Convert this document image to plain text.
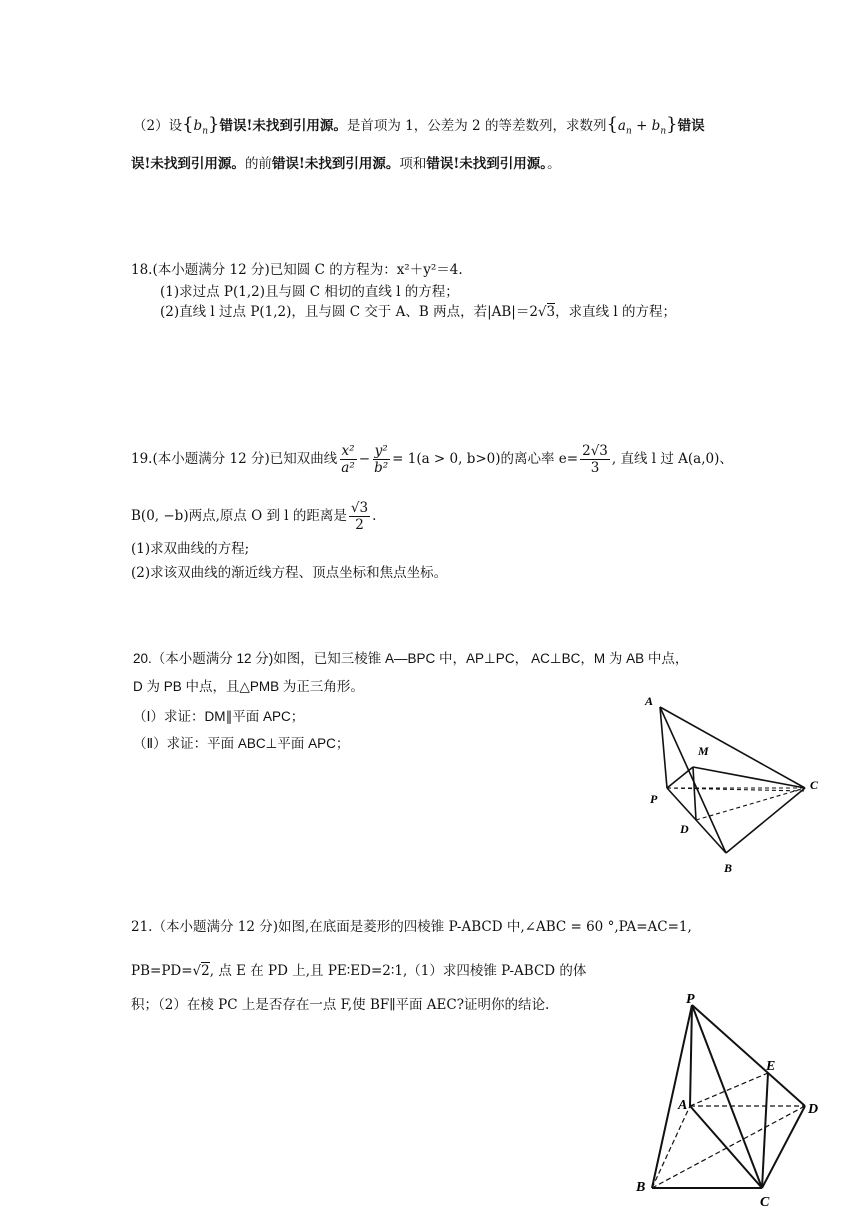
（2）设$\{b_n\}$错误!未找到引用源。是首项为 1，公差为 2 的等差数列，求数列$\{a_n + b_n\}$错误
误!未找到引用源。的前错误!未找到引用源。项和错误!未找到引用源。。
18.(本小题满分 12 分)已知圆 C 的方程为：x²＋y²＝4.
(1)求过点 P(1,2)且与圆 C 相切的直线 l 的方程；
(2)直线 l 过点 P(1,2)，且与圆 C 交于 A、B 两点，若|AB|＝2√3，求直线 l 的方程；
19.(本小题满分 12 分)已知双曲线 $\frac{\text{x²}}{\text{a²}} - \frac{\text{y²}}{\text{b²}} = 1(a > 0$, b>0)的离心率 $e= \frac{2√3}{3}$ , 直线 l 过 A(a,0)、
B(0, −b)两点,原点 O 到 l 的距离是 $\frac{√3}{2}$ .
(1)求双曲线的方程;
(2)求该双曲线的渐近线方程、顶点坐标和焦点坐标。
20.（本小题满分 12 分)如图，已知三棱锥 A—BPC 中，AP⊥PC， AC⊥BC，M 为 AB 中点，
D 为 PB 中点，且△PMB 为正三角形。
（Ⅰ）求证：DM∥平面 APC；
（Ⅱ）求证：平面 ABC⊥平面 APC；
A
M
P
D
C
B
21.（本小题满分 12 分)如图,在底面是菱形的四棱锥 P-ABCD 中,∠ABC = 60 °,PA=AC=1,
PB=PD=√2, 点 E 在 PD 上,且 PE∶ED=2∶1,（1）求四棱锥 P-ABCD 的体
积；（2）在棱 PC 上是否存在一点 F,使 BF∥平面 AEC?证明你的结论.	P
E
A	D
B
C
